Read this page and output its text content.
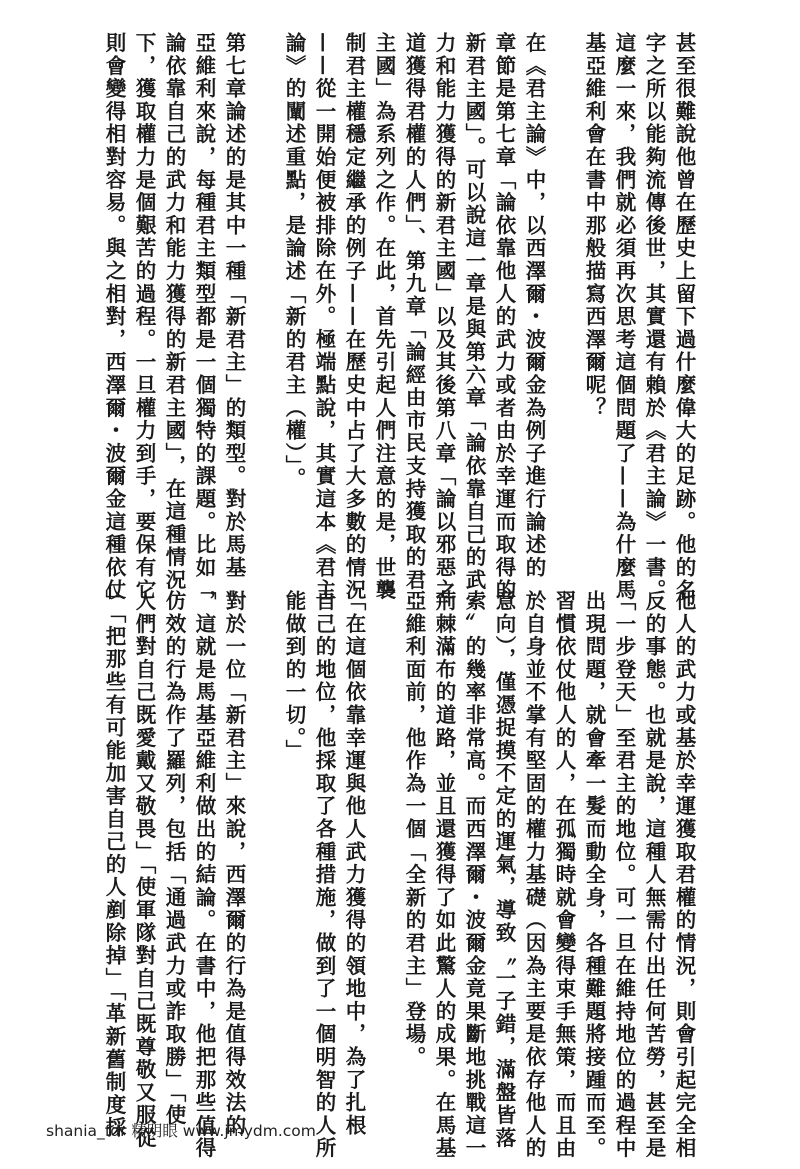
甚至很難說他曾在歷史上留下過什麼偉大的足跡。他的名
字之所以能夠流傳後世，其實還有賴於《君主論》一書。
這麼一來，我們就必須再次思考這個問題了——為什麼馬
基亞維利會在書中那般描寫西澤爾呢？
在《君主論》中，以西澤爾・波爾金為例子進行論述的
章節是第七章「論依靠他人的武力或者由於幸運而取得的
新君主國」。可以說這一章是與第六章「論依靠自己的武
力和能力獲得的新君主國」以及其後第八章「論以邪惡之
道獲得君權的人們」、第九章「論經由市民支持獲取的君
主國」為系列之作。在此，首先引起人們注意的是，世襲
制君主權穩定繼承的例子——在歷史中占了大多數的情況
——從一開始便被排除在外。極端點說，其實這本《君主
論》的闡述重點，是論述「新的君主（權）」。
第七章論述的是其中一種「新君主」的類型。對於馬基
亞維利來說，每種君主類型都是一個獨特的課題。比如「
論依靠自己的武力和能力獲得的新君主國」，在這種情況
下，獲取權力是個艱苦的過程。一旦權力到手，要保有它
則會變得相對容易。與之相對，西澤爾・波爾金這種依仗
他人的武力或基於幸運獲取君權的情況，則會引起完全相
反的事態。也就是說，這種人無需付出任何苦勞，甚至是
「一步登天」至君主的地位。可一旦在維持地位的過程中
出現問題，就會牽一髮而動全身，各種難題將接踵而至。
習慣依仗他人的人，在孤獨時就會變得束手無策，而且由
於自身並不掌有堅固的權力基礎（因為主要是依存他人的
意向），僅憑捉摸不定的運氣，導致〝一子錯，滿盤皆落
索〞的幾率非常高。而西澤爾・波爾金竟果斷地挑戰這一
荊棘滿布的道路，並且還獲得了如此驚人的成果。在馬基
亞維利面前，他作為一個「全新的君主」登場。
「在這個依靠幸運與他人武力獲得的領地中，為了扎根
自己的地位，他採取了各種措施，做到了一個明智的人所
能做到的一切。」
對於一位「新君主」來說，西澤爾的行為是值得效法的
，這就是馬基亞維利做出的結論。在書中，他把那些值得
仿效的行為作了羅列，包括「通過武力或詐取勝」「使
人們對自己既愛戴又敬畏」「使軍隊對自己既尊敬又服從
」「把那些有可能加害自己的人剷除掉」「革新舊制度採
shania_fdr 精明眼 www.jmydm.com
